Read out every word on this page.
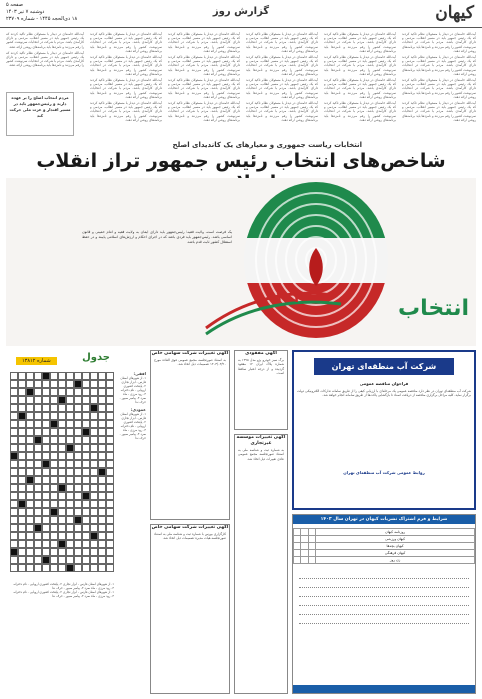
کیهان
گزارش روز
صفحه ۵
دوشنبه ۷ تیر ۱۴۰۳
۱۸ ذی‌الحجه ۱۴۴۵ - شماره ۲۳۷۰۹

آیت‌الله خامنه‌ای در دیدار با مسئولان نظام تاکید کردند که یک رئیس جمهور باید در مسیر انقلاب، مردمی و دارای کارآمدی باشد. مردم با شرکت در انتخابات سرنوشت کشور را رقم می‌زنند و نامزدها باید برنامه‌های روشن ارائه دهند.

آیت‌الله خامنه‌ای در دیدار با مسئولان نظام تاکید کردند که یک رئیس جمهور باید در مسیر انقلاب، مردمی و دارای کارآمدی باشد. مردم با شرکت در انتخابات سرنوشت کشور را رقم می‌زنند و نامزدها باید برنامه‌های روشن ارائه دهند.

آیت‌الله خامنه‌ای در دیدار با مسئولان نظام تاکید کردند که یک رئیس جمهور باید در مسیر انقلاب، مردمی و دارای کارآمدی باشد. مردم با شرکت در انتخابات سرنوشت کشور را رقم می‌زنند و نامزدها باید برنامه‌های روشن ارائه دهند.

آیت‌الله خامنه‌ای در دیدار با مسئولان نظام تاکید کردند که یک رئیس جمهور باید در مسیر انقلاب، مردمی و دارای کارآمدی باشد. مردم با شرکت در انتخابات سرنوشت کشور را رقم می‌زنند و نامزدها باید برنامه‌های روشن ارائه دهند.

آیت‌الله خامنه‌ای در دیدار با مسئولان نظام تاکید کردند که یک رئیس جمهور باید در مسیر انقلاب، مردمی و دارای کارآمدی باشد. مردم با شرکت در انتخابات سرنوشت کشور را رقم می‌زنند و نامزدها باید برنامه‌های روشن ارائه دهند.

آیت‌الله خامنه‌ای در دیدار با مسئولان نظام تاکید کردند که یک رئیس جمهور باید در مسیر انقلاب، مردمی و دارای کارآمدی باشد. مردم با شرکت در انتخابات سرنوشت کشور را رقم می‌زنند و نامزدها باید برنامه‌های روشن ارائه دهند.

آیت‌الله خامنه‌ای در دیدار با مسئولان نظام تاکید کردند که یک رئیس جمهور باید در مسیر انقلاب، مردمی و دارای کارآمدی باشد. مردم با شرکت در انتخابات سرنوشت کشور را رقم می‌زنند و نامزدها باید برنامه‌های روشن ارائه دهند.

آیت‌الله خامنه‌ای در دیدار با مسئولان نظام تاکید کردند که یک رئیس جمهور باید در مسیر انقلاب، مردمی و دارای کارآمدی باشد. مردم با شرکت در انتخابات سرنوشت کشور را رقم می‌زنند و نامزدها باید برنامه‌های روشن ارائه دهند.

آیت‌الله خامنه‌ای در دیدار با مسئولان نظام تاکید کردند که یک رئیس جمهور باید در مسیر انقلاب، مردمی و دارای کارآمدی باشد. مردم با شرکت در انتخابات سرنوشت کشور را رقم می‌زنند و نامزدها باید برنامه‌های روشن ارائه دهند.

آیت‌الله خامنه‌ای در دیدار با مسئولان نظام تاکید کردند که یک رئیس جمهور باید در مسیر انقلاب، مردمی و دارای کارآمدی باشد. مردم با شرکت در انتخابات سرنوشت کشور را رقم می‌زنند و نامزدها باید برنامه‌های روشن ارائه دهند.

آیت‌الله خامنه‌ای در دیدار با مسئولان نظام تاکید کردند که یک رئیس جمهور باید در مسیر انقلاب، مردمی و دارای کارآمدی باشد. مردم با شرکت در انتخابات سرنوشت کشور را رقم می‌زنند و نامزدها باید برنامه‌های روشن ارائه دهند.

آیت‌الله خامنه‌ای در دیدار با مسئولان نظام تاکید کردند که یک رئیس جمهور باید در مسیر انقلاب، مردمی و دارای کارآمدی باشد. مردم با شرکت در انتخابات سرنوشت کشور را رقم می‌زنند و نامزدها باید برنامه‌های روشن ارائه دهند.

آیت‌الله خامنه‌ای در دیدار با مسئولان نظام تاکید کردند که یک رئیس جمهور باید در مسیر انقلاب، مردمی و دارای کارآمدی باشد. مردم با شرکت در انتخابات سرنوشت کشور را رقم می‌زنند و نامزدها باید برنامه‌های روشن ارائه دهند.

آیت‌الله خامنه‌ای در دیدار با مسئولان نظام تاکید کردند که یک رئیس جمهور باید در مسیر انقلاب، مردمی و دارای کارآمدی باشد. مردم با شرکت در انتخابات سرنوشت کشور را رقم می‌زنند و نامزدها باید برنامه‌های روشن ارائه دهند.

آیت‌الله خامنه‌ای در دیدار با مسئولان نظام تاکید کردند که یک رئیس جمهور باید در مسیر انقلاب، مردمی و دارای کارآمدی باشد. مردم با شرکت در انتخابات سرنوشت کشور را رقم می‌زنند و نامزدها باید برنامه‌های روشن ارائه دهند.

آیت‌الله خامنه‌ای در دیدار با مسئولان نظام تاکید کردند که یک رئیس جمهور باید در مسیر انقلاب، مردمی و دارای کارآمدی باشد. مردم با شرکت در انتخابات سرنوشت کشور را رقم می‌زنند و نامزدها باید برنامه‌های روشن ارائه دهند.

آیت‌الله خامنه‌ای در دیدار با مسئولان نظام تاکید کردند که یک رئیس جمهور باید در مسیر انقلاب، مردمی و دارای کارآمدی باشد. مردم با شرکت در انتخابات سرنوشت کشور را رقم می‌زنند و نامزدها باید برنامه‌های روشن ارائه دهند.

آیت‌الله خامنه‌ای در دیدار با مسئولان نظام تاکید کردند که یک رئیس جمهور باید در مسیر انقلاب، مردمی و دارای کارآمدی باشد. مردم با شرکت در انتخابات سرنوشت کشور را رقم می‌زنند و نامزدها باید برنامه‌های روشن ارائه دهند.

آیت‌الله خامنه‌ای در دیدار با مسئولان نظام تاکید کردند که یک رئیس جمهور باید در مسیر انقلاب، مردمی و دارای کارآمدی باشد. مردم با شرکت در انتخابات سرنوشت کشور را رقم می‌زنند و نامزدها باید برنامه‌های روشن ارائه دهند.

آیت‌الله خامنه‌ای در دیدار با مسئولان نظام تاکید کردند که یک رئیس جمهور باید در مسیر انقلاب، مردمی و دارای کارآمدی باشد. مردم با شرکت در انتخابات سرنوشت کشور را رقم می‌زنند و نامزدها باید برنامه‌های روشن ارائه دهند.

آیت‌الله خامنه‌ای در دیدار با مسئولان نظام تاکید کردند که یک رئیس جمهور باید در مسیر انقلاب، مردمی و دارای کارآمدی باشد. مردم با شرکت در انتخابات سرنوشت کشور را رقم می‌زنند و نامزدها باید برنامه‌های روشن ارائه دهند.

آیت‌الله خامنه‌ای در دیدار با مسئولان نظام تاکید کردند که یک رئیس جمهور باید در مسیر انقلاب، مردمی و دارای کارآمدی باشد. مردم با شرکت در انتخابات سرنوشت کشور را رقم می‌زنند و نامزدها باید برنامه‌های روشن ارائه دهند.

مردم انتخاب اصلح را بر عهده دارند و رئیس‌جمهور باید در مسیر اقتدار و عزت ملی حرکت کند
انتخابات ریاست جمهوری و معیارهای یک کاندیدای اصلح
شاخص‌های انتخاب رئیس جمهور تراز انقلاب
۱۴۰۳	انتخاب
یک فرصت است، ولایت فقیه؛ رئیس‌جمهور باید دارای ایمان به ولایت فقیه و امام خمینی و قانون اساسی باشد. رئیس‌جمهور باید فردی باشد که در اجرای احکام و ارزش‌های اسلامی پایبند و در حفظ استقلال کشور ثابت قدم باشد.
شرکت آب منطقه‌ای تهران
فراخوان مناقصه عمومی
شرکت آب منطقه‌ای تهران در نظر دارد مناقصه عمومی یک مرحله‌ای با ارزیابی کیفی را از طریق سامانه تدارکات الکترونیکی دولت برگزار نماید. کلیه مراحل برگزاری مناقصه از دریافت اسناد تا بازگشایی پاکت‌ها از طریق سامانه انجام خواهد شد.
روابط عمومی شرکت آب منطقه‌ای تهران
شرایط و فرم اشتراک نشریات کیهان در تهران سال ۱۴۰۳
روزنامه کیهان			
کیهان ورزشی			
کیهان بچه‌ها			
کیهان فرهنگی			
زن روز			
آگهی مفقودی
برگ سبز خودرو پژو مدل ۱۳۹۵ به شماره پلاک ایران ۱۲ مفقود گردیده و از درجه اعتبار ساقط است.
آگهی تغییرات شرکت سهامی خاص
به استناد صورتجلسه مجمع عمومی فوق العاده مورخ ۱۴۰۳/۰۳/۲۰ تصمیمات ذیل اتخاذ شد.
آگهی تغییرات موسسه غیرتجاری
به شماره ثبت و شناسه ملی به استناد صورتجلسه مجمع عمومی عادی تغییرات ذیل اتخاذ شد.
آگهی تغییرات شرکت سهامی خاص
کارگزاری بورس با شماره ثبت و شناسه ملی به استناد صورتجلسه هیات مدیره تصمیمات ذیل اتخاذ شد.
جدول
شماره ۱۳۸۱۲
افقی:
۱- از شهرهای استان فارس - ابزار نجاری ۲- پایتخت کشوری اروپایی - نام دخترانه ۳- رود مرزی - ماه سرد ۴- پیامبر صبور - حرف ندا
عمودی:
۱- از شهرهای استان فارس - ابزار نجاری ۲- پایتخت کشوری اروپایی - نام دخترانه ۳- رود مرزی - ماه سرد ۴- پیامبر صبور - حرف ندا
۱- از شهرهای استان فارس - ابزار نجاری ۲- پایتخت کشوری اروپایی - نام دخترانه ۳- رود مرزی - ماه سرد ۴- پیامبر صبور - حرف ندا
۱- از شهرهای استان فارس - ابزار نجاری ۲- پایتخت کشوری اروپایی - نام دخترانه ۳- رود مرزی - ماه سرد ۴- پیامبر صبور - حرف ندا
